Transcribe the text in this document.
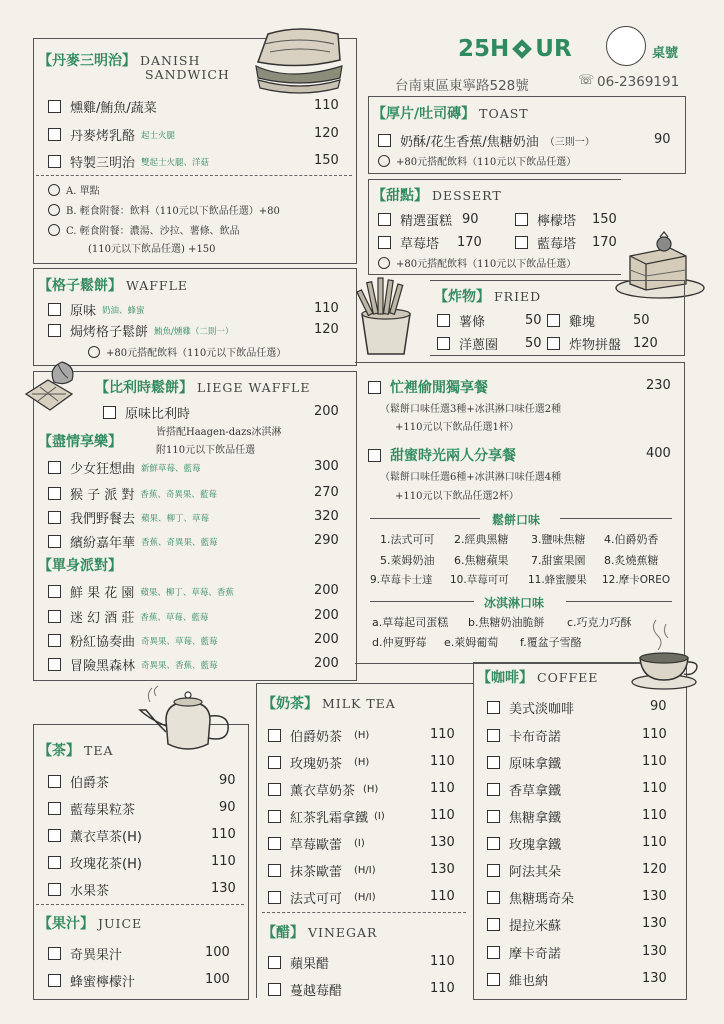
25H UR	桌號
台南東區東寧路528號	☏ 06-2369191
【丹麥三明治】 DANISH
SANDWICH
燻雞/鮪魚/蔬菜	110
丹麥烤乳酪 起士火腿	120
特製三明治 雙起士火腿、洋菇	150
A. 單點
B. 輕食附餐：飲料（110元以下飲品任選）+80
C. 輕食附餐：濃湯、沙拉、薯條、飲品
(110元以下飲品任選) +150
【格子鬆餅】 WAFFLE
原味 奶油、蜂蜜	110
焗烤格子鬆餅 鮪魚/燻雞（二則一）	120
+80元搭配飲料（110元以下飲品任選）
【厚片/吐司磚】 TOAST
奶酥/花生香蕉/焦糖奶油 （三則一）	90
+80元搭配飲料（110元以下飲品任選）
【甜點】 DESSERT
精選蛋糕 90	檸檬塔 150
草莓塔 170	藍莓塔 170
+80元搭配飲料（110元以下飲品任選）
【炸物】 FRIED
薯條	50 雞塊	50
洋蔥圈 50 炸物拼盤 120
【比利時鬆餅】 LIEGE WAFFLE
原味比利時	200
皆搭配Haagen-dazs冰淇淋
附110元以下飲品任選
【盡情享樂】
少女狂想曲 新鮮草莓、藍莓	300
猴 子 派 對 香蕉、奇異果、藍莓	270
我們野餐去 蘋果、柳丁、草莓	320
繽紛嘉年華 香蕉、奇異果、藍莓	290
【單身派對】
鮮 果 花 園 蘋果、柳丁、草莓、香蕉	200
迷 幻 酒 莊 香蕉、草莓、藍莓	200
粉紅協奏曲 奇異果、草莓、藍莓	200
冒險黑森林 奇異果、香蕉、藍莓	200
忙裡偷閒獨享餐	230
（鬆餅口味任選3種+冰淇淋口味任選2種
+110元以下飲品任選1杯）
甜蜜時光兩人分享餐	400
（鬆餅口味任選6種+冰淇淋口味任選4種
+110元以下飲品任選2杯）
鬆餅口味
1.法式可可 2.經典黑糖 3.鹽味焦糖 4.伯爵奶香
5.萊姆奶油 6.焦糖蘋果 7.甜蜜果園 8.炙燒蕉糖
9.草莓卡士達 10.草莓可可 11.蜂蜜腰果 12.摩卡OREO
冰淇淋口味
a.草莓起司蛋糕 b.焦糖奶油脆餅 c.巧克力巧酥
d.仲夏野莓 e.萊姆葡萄 f.覆盆子雪酪
【奶茶】 MILK TEA
伯爵奶茶 (H)	110
玫瑰奶茶 (H)	110
薰衣草奶茶 (H)	110
紅茶乳霜拿鐵 (I)	110
草莓歐蕾 (I)	130
抹茶歐蕾 (H/I)	130
法式可可 (H/I)	110
【醋】 VINEGAR
蘋果醋	110
蔓越莓醋	110
【茶】 TEA
伯爵茶	90
藍莓果粒茶	90
薰衣草茶(H)	110
玫瑰花茶(H)	110
水果茶	130
【果汁】 JUICE
奇異果汁	100
蜂蜜檸檬汁	100
【咖啡】 COFFEE
美式淡咖啡	90
卡布奇諾	110
原味拿鐵	110
香草拿鐵	110
焦糖拿鐵	110
玫瑰拿鐵	110
阿法其朵	120
焦糖瑪奇朵	130
提拉米蘇	130
摩卡奇諾	130
維也納	130
